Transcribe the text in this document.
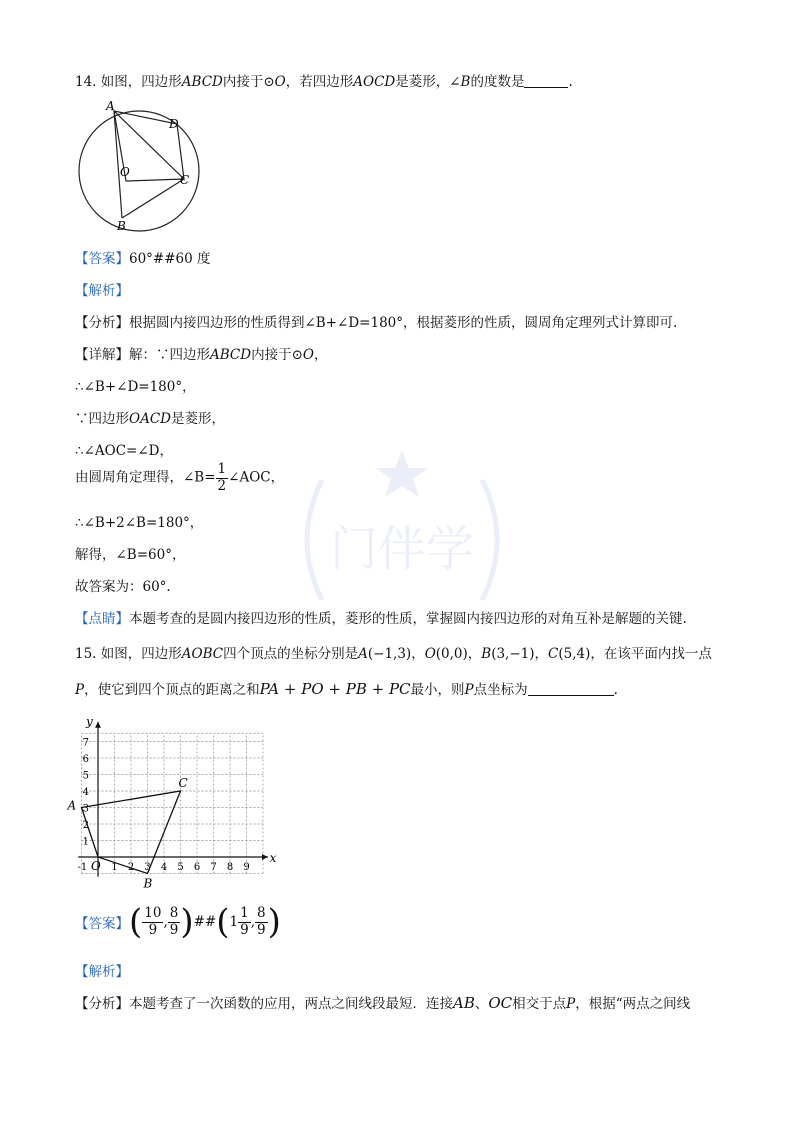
门伴学
14. 如图，四边形ABCD内接于⊙O，若四边形AOCD是菱形，∠B的度数是	.
A
D
O
C
B
【答案】60°##60 度
【解析】
【分析】根据圆内接四边形的性质得到∠B+∠D=180°，根据菱形的性质，圆周角定理列式计算即可.
【详解】解：∵四边形ABCD内接于⊙O，
∴∠B+∠D=180°，
∵四边形OACD是菱形，
∴∠AOC=∠D，
由圆周角定理得，∠B= $\frac{1}{2}$ ∠AOC，
∴∠B+2∠B=180°，
解得，∠B=60°，
故答案为：60°.
【点睛】本题考查的是圆内接四边形的性质，菱形的性质，掌握圆内接四边形的对角互补是解题的关键.
15. 如图，四边形AOBC四个顶点的坐标分别是A(−1,3)，O(0,0)，B(3,−1)，C(5,4)，在该平面内找一点
P，使它到四个顶点的距离之和PA + PO + PB + PC最小，则P点坐标为	.
x
y
7
6
5
4
3
2
1
1 2 3 4 5 6 7 8 9
-1
A
O
B
C
【答案】( $\frac{10}{9}$ , $\frac{8}{9}$ )##(1 $\frac{1}{9}$ , $\frac{8}{9}$ )
【解析】
【分析】本题考查了一次函数的应用，两点之间线段最短．连接AB、OC相交于点P，根据“两点之间线
